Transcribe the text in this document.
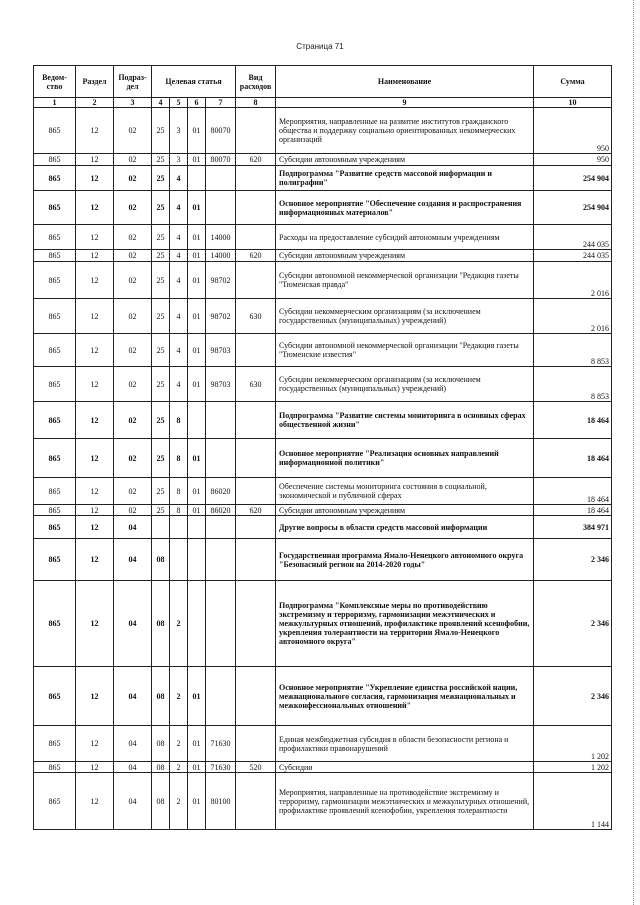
Страница 71
Ведом-ство	Раздел	Подраз-дел	Целевая статья				Вид расходов	Наименование	Сумма
1	2	3	4	5	6	7	8	9	10
865	12	02	25	3	01	80070		Мероприятия, направленные на развитие институтов гражданского общества и поддержку социально ориентированных некоммерческих организаций	950
865	12	02	25	3	01	80070	620	Субсидии автономным учреждениям	950
865	12	02	25	4				Подпрограмма "Развитие средств массовой информации и полиграфии"	254 904
865	12	02	25	4	01			Основное мероприятие "Обеспечение создания и распространения информационных материалов"	254 904
865	12	02	25	4	01	14000		Расходы на предоставление субсидий автономным учреждениям	244 035
865	12	02	25	4	01	14000	620	Субсидии автономным учреждениям	244 035
865	12	02	25	4	01	98702		Субсидии автономной некоммерческой организации "Редакция газеты "Тюменская правда"	2 016
865	12	02	25	4	01	98702	630	Субсидии некоммерческим организациям (за исключением государственных (муниципальных) учреждений)	2 016
865	12	02	25	4	01	98703		Субсидии автономной некоммерческой организации "Редакция газеты "Тюменские известия"	8 853
865	12	02	25	4	01	98703	630	Субсидии некоммерческим организациям (за исключением государственных (муниципальных) учреждений)	8 853
865	12	02	25	8				Подпрограмма "Развитие системы мониторинга в основных сферах общественной жизни"	18 464
865	12	02	25	8	01			Основное мероприятие "Реализация основных направлений информационной политики"	18 464
865	12	02	25	8	01	86020		Обеспечение системы мониторинга состояния в социальной, экономической и публичной сферах	18 464
865	12	02	25	8	01	86020	620	Субсидии автономным учреждениям	18 464
865	12	04						Другие вопросы в области средств массовой информации	384 971
865	12	04	08					Государственная программа Ямало-Ненецкого автономного округа "Безопасный регион на 2014-2020 годы"	2 346
865	12	04	08	2				Подпрограмма "Комплексные меры по противодействию экстремизму и терроризму, гармонизации межэтнических и межкультурных отношений, профилактике проявлений ксенофобии, укрепления толерантности на территории Ямало-Ненецкого автономного округа"	2 346
865	12	04	08	2	01			Основное мероприятие "Укрепление единства российской нации, межнационального согласия, гармонизация межнациональных и межконфессиональных отношений"	2 346
865	12	04	08	2	01	71630		Единая межбюджетная субсидия в области безопасности региона и профилактики правонарушений	1 202
865	12	04	08	2	01	71630	520	Субсидии	1 202
865	12	04	08	2	01	80100		Мероприятия, направленные на противодействие экстремизму и терроризму, гармонизации межэтнических и межкультурных отношений, профилактике проявлений ксенофобии, укрепления толерантности	1 144
